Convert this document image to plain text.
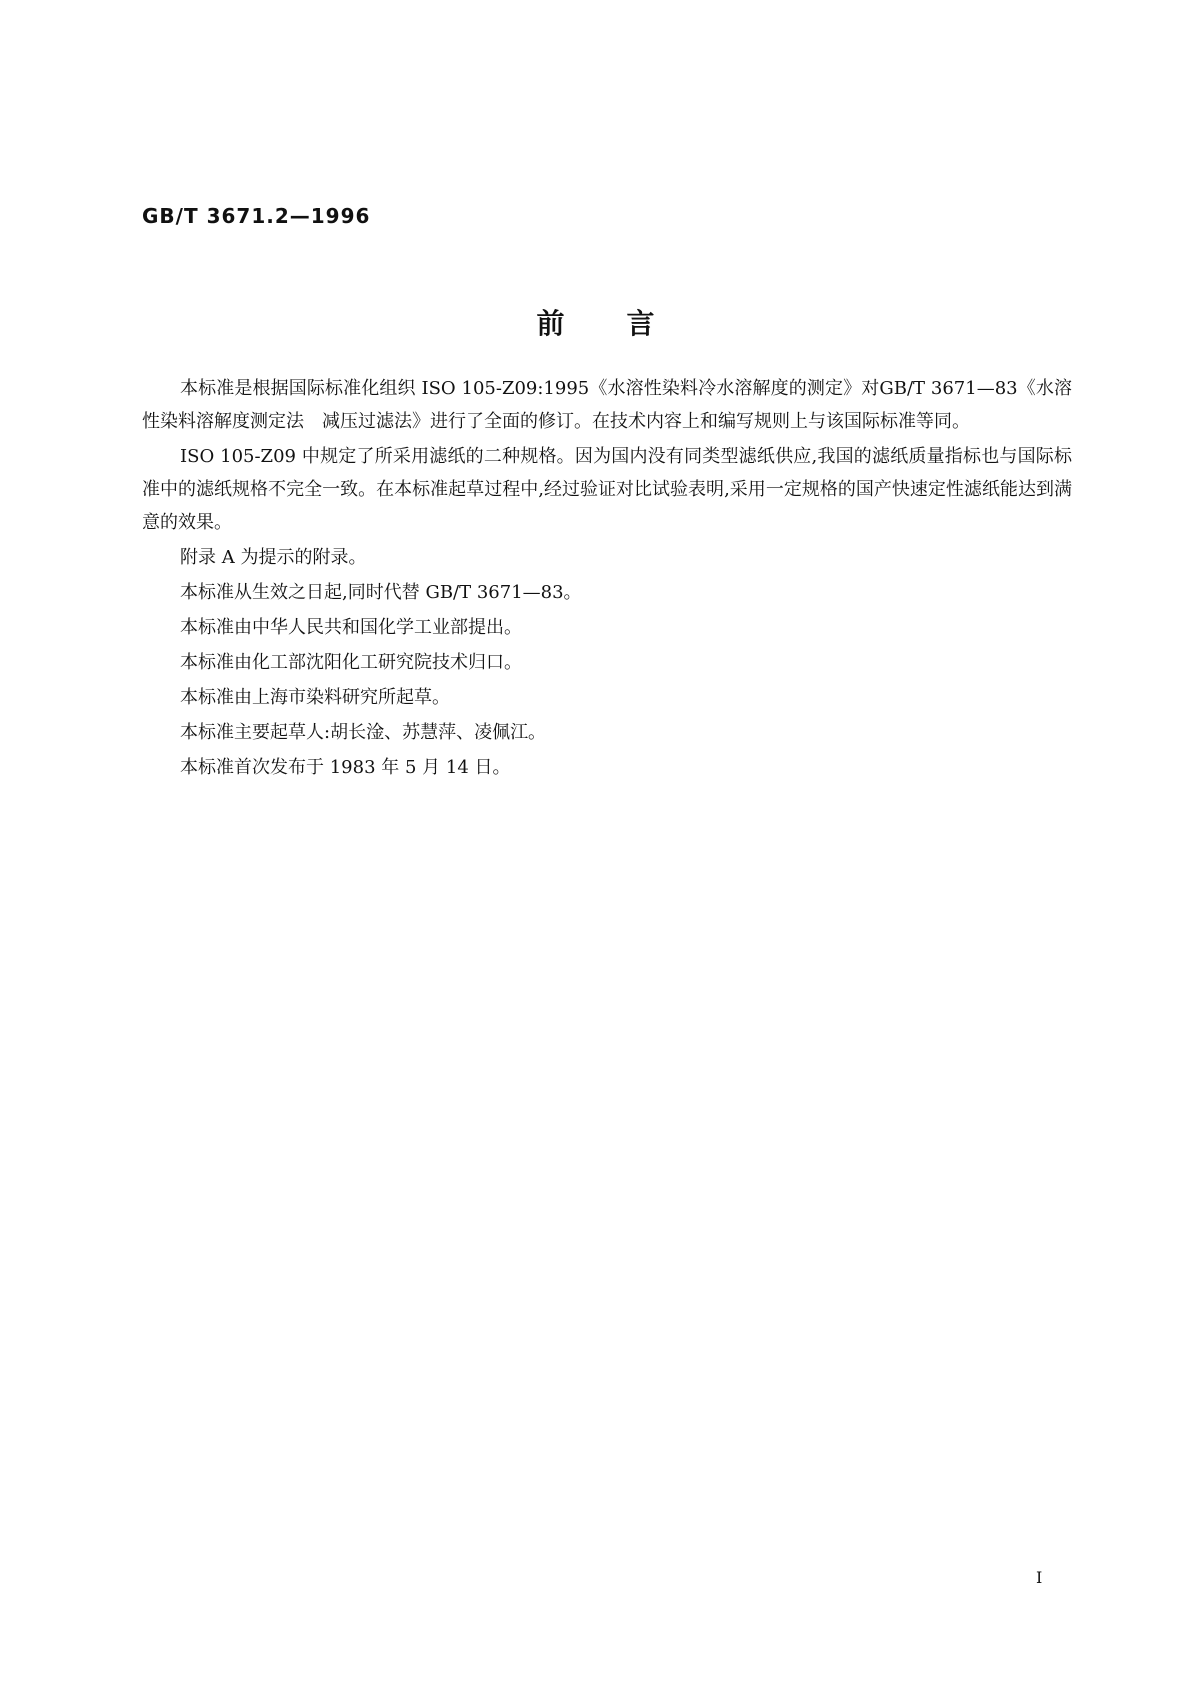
GB/T 3671.2—1996
前言

本标准是根据国际标准化组织 ISO 105-Z09:1995《水溶性染料冷水溶解度的测定》对GB/T 3671—83《水溶性染料溶解度测定法　减压过滤法》进行了全面的修订。在技术内容上和编写规则上与该国际标准等同。

ISO 105-Z09 中规定了所采用滤纸的二种规格。因为国内没有同类型滤纸供应,我国的滤纸质量指标也与国际标准中的滤纸规格不完全一致。在本标准起草过程中,经过验证对比试验表明,采用一定规格的国产快速定性滤纸能达到满意的效果。

附录 A 为提示的附录。

本标准从生效之日起,同时代替 GB/T 3671—83。

本标准由中华人民共和国化学工业部提出。

本标准由化工部沈阳化工研究院技术归口。

本标准由上海市染料研究所起草。

本标准主要起草人:胡长淦、苏慧萍、凌佩江。

本标准首次发布于 1983 年 5 月 14 日。

I
